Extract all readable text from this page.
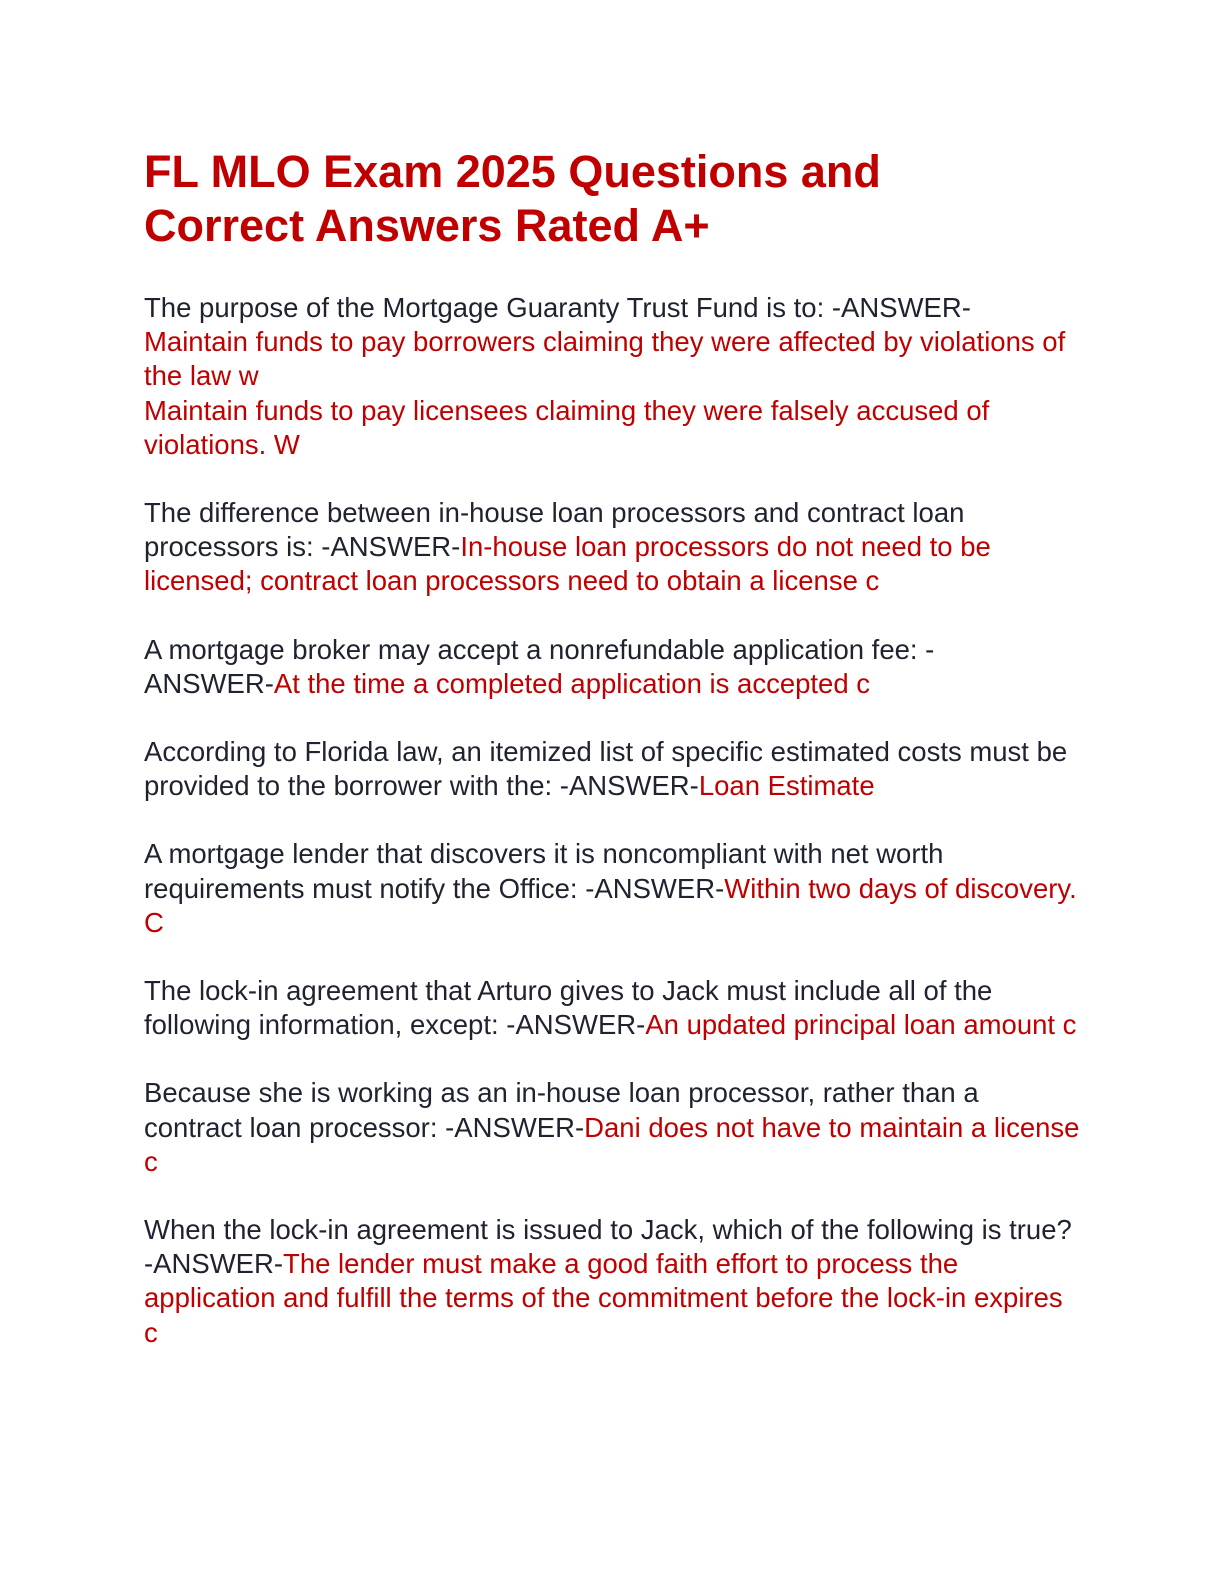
FL MLO Exam 2025 Questions and
Correct Answers Rated A+
The purpose of the Mortgage Guaranty Trust Fund is to: -ANSWER-
Maintain funds to pay borrowers claiming they were affected by violations of the law w
Maintain funds to pay licensees claiming they were falsely accused of violations. W
The difference between in-house loan processors and contract loan processors is: -ANSWER-In-house loan processors do not need to be licensed; contract loan processors need to obtain a license c
A mortgage broker may accept a nonrefundable application fee: -
ANSWER-At the time a completed application is accepted c
According to Florida law, an itemized list of specific estimated costs must be provided to the borrower with the: -ANSWER-Loan Estimate
A mortgage lender that discovers it is noncompliant with net worth requirements must notify the Office: -ANSWER-Within two days of discovery. C
The lock-in agreement that Arturo gives to Jack must include all of the following information, except: -ANSWER-An updated principal loan amount c
Because she is working as an in-house loan processor, rather than a contract loan processor: -ANSWER-Dani does not have to maintain a license c
When the lock-in agreement is issued to Jack, which of the following is true? -ANSWER-The lender must make a good faith effort to process the application and fulfill the terms of the commitment before the lock-in expires c
